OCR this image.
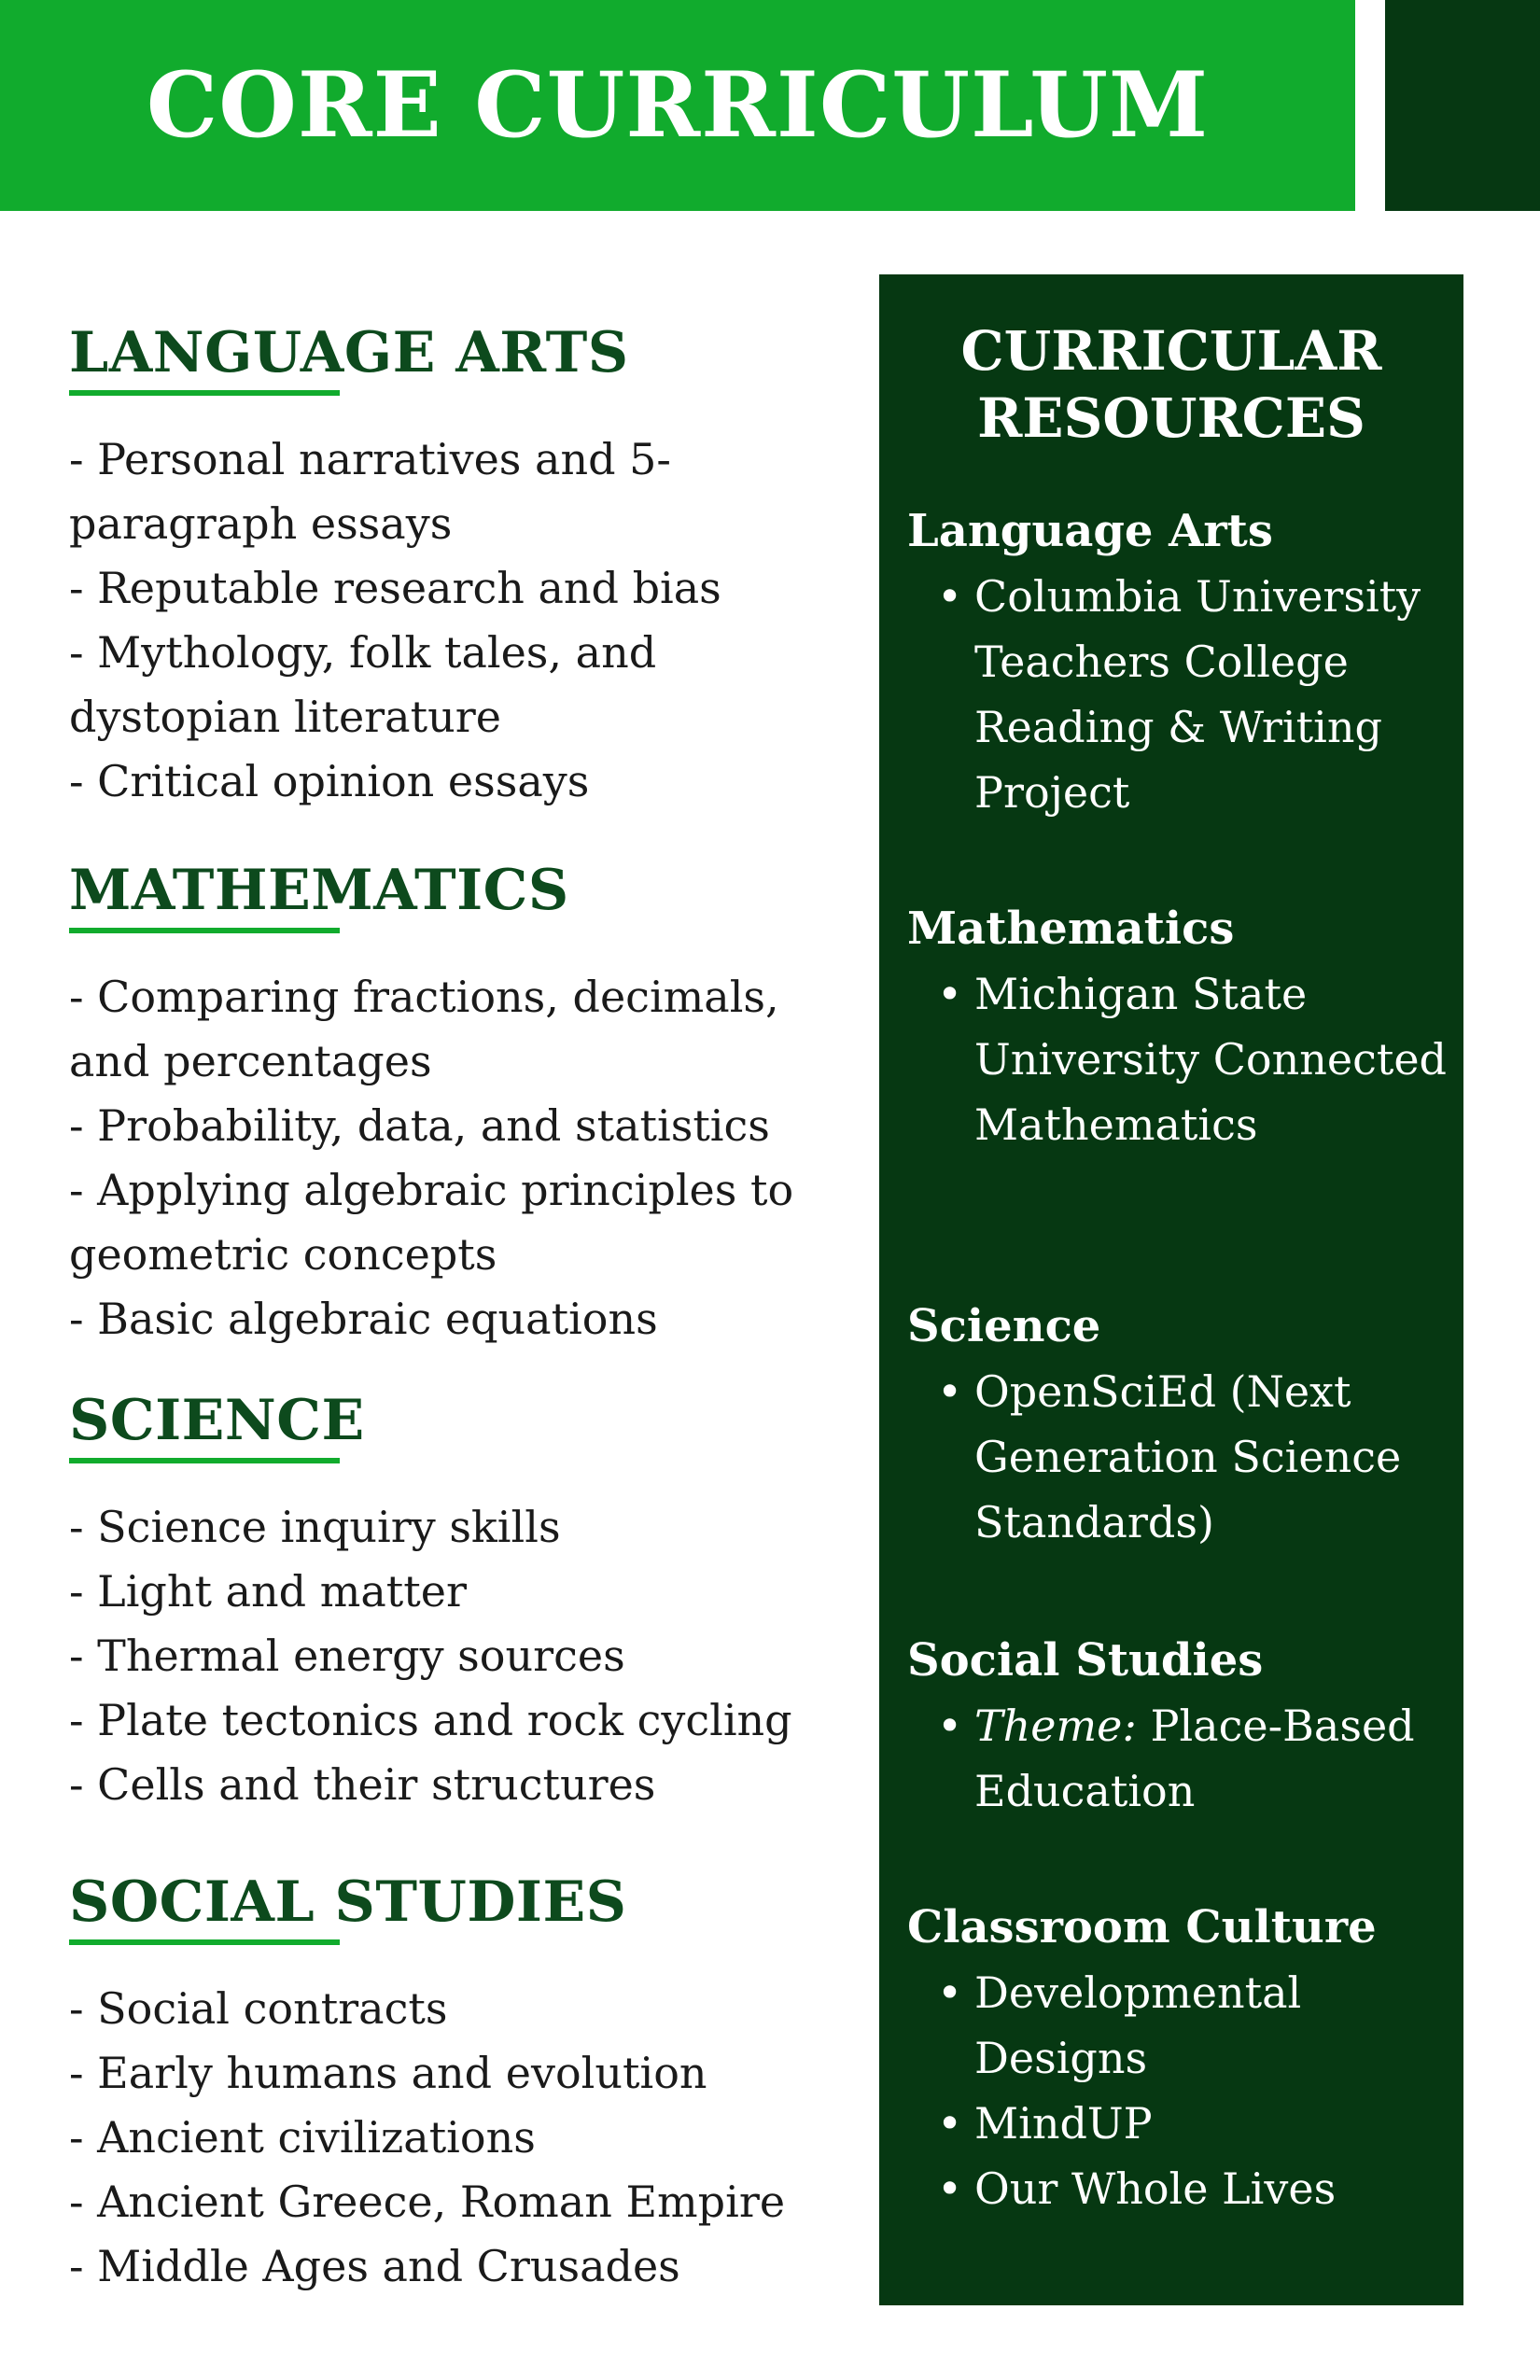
CORE CURRICULUM
LANGUAGE ARTS
- Personal narratives and 5-paragraph essays
- Reputable research and bias
- Mythology, folk tales, and dystopian literature
- Critical opinion essays
MATHEMATICS
- Comparing fractions, decimals, and percentages
- Probability, data, and statistics
- Applying algebraic principles to geometric concepts
- Basic algebraic equations
SCIENCE
- Science inquiry skills
- Light and matter
- Thermal energy sources
- Plate tectonics and rock cycling
- Cells and their structures
SOCIAL STUDIES
- Social contracts
- Early humans and evolution
- Ancient civilizations
- Ancient Greece, Roman Empire
- Middle Ages and Crusades
CURRICULAR RESOURCES
Language Arts
• Columbia University Teachers College Reading & Writing Project
Mathematics
• Michigan State University Connected Mathematics
Science
• OpenSciEd (Next Generation Science Standards)
Social Studies
• Theme: Place-Based Education
Classroom Culture
• Developmental Designs
• MindUP
• Our Whole Lives
